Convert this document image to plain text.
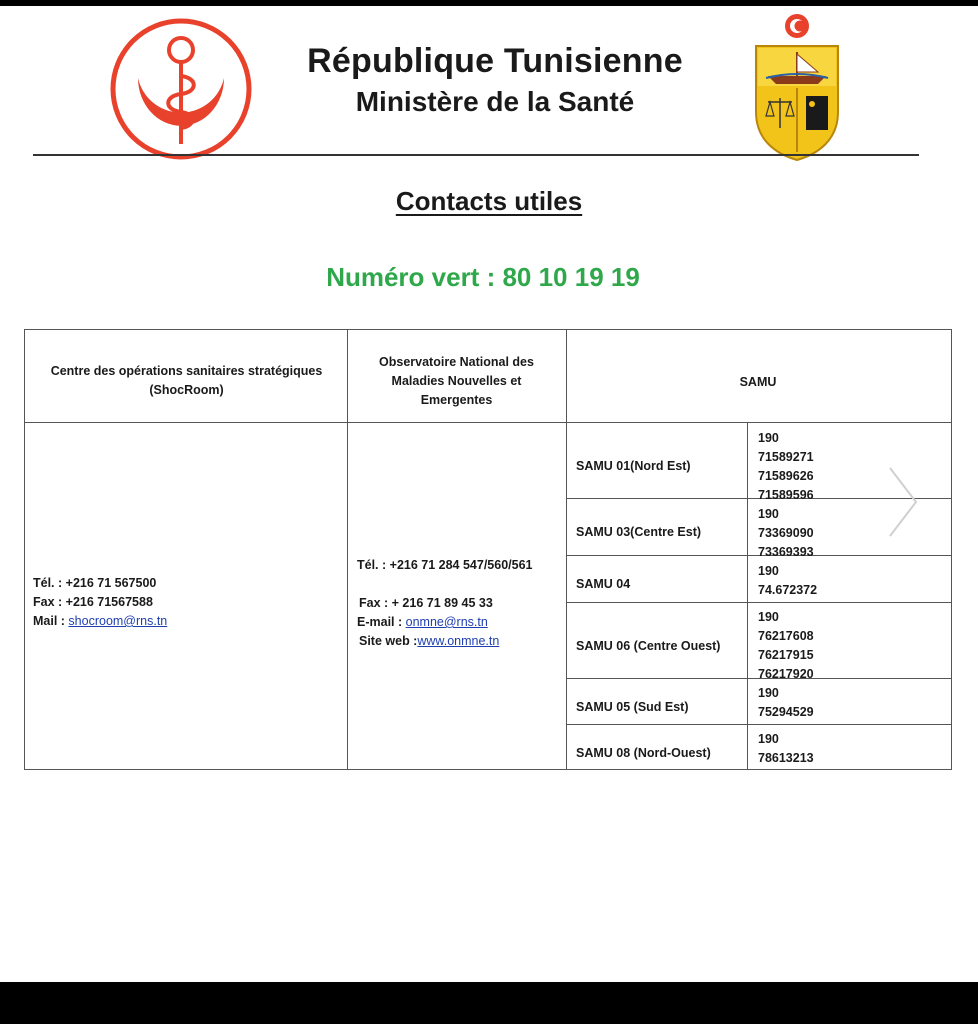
République Tunisienne
Ministère de la Santé
Contacts utiles
Numéro vert : 80 10 19 19
Centre des opérations sanitaires stratégiques (ShocRoom)
Observatoire National des
Maladies Nouvelles et
Emergentes
SAMU
Tél. : +216 71 567500
Fax : +216 71567588
Mail : shocroom@rns.tn
Tél. : +216 71 284 547/560/561
Fax : + 216 71 89 45 33
E-mail : onmne@rns.tn
Site web :www.onmne.tn
SAMU 01(Nord Est)
190
71589271
71589626
71589596
SAMU 03(Centre Est)
190
73369090
73369393
SAMU 04
190
74.672372
SAMU 06 (Centre Ouest)
190
76217608
76217915
76217920
SAMU 05 (Sud Est)
190
75294529
SAMU 08 (Nord-Ouest)
190
78613213
